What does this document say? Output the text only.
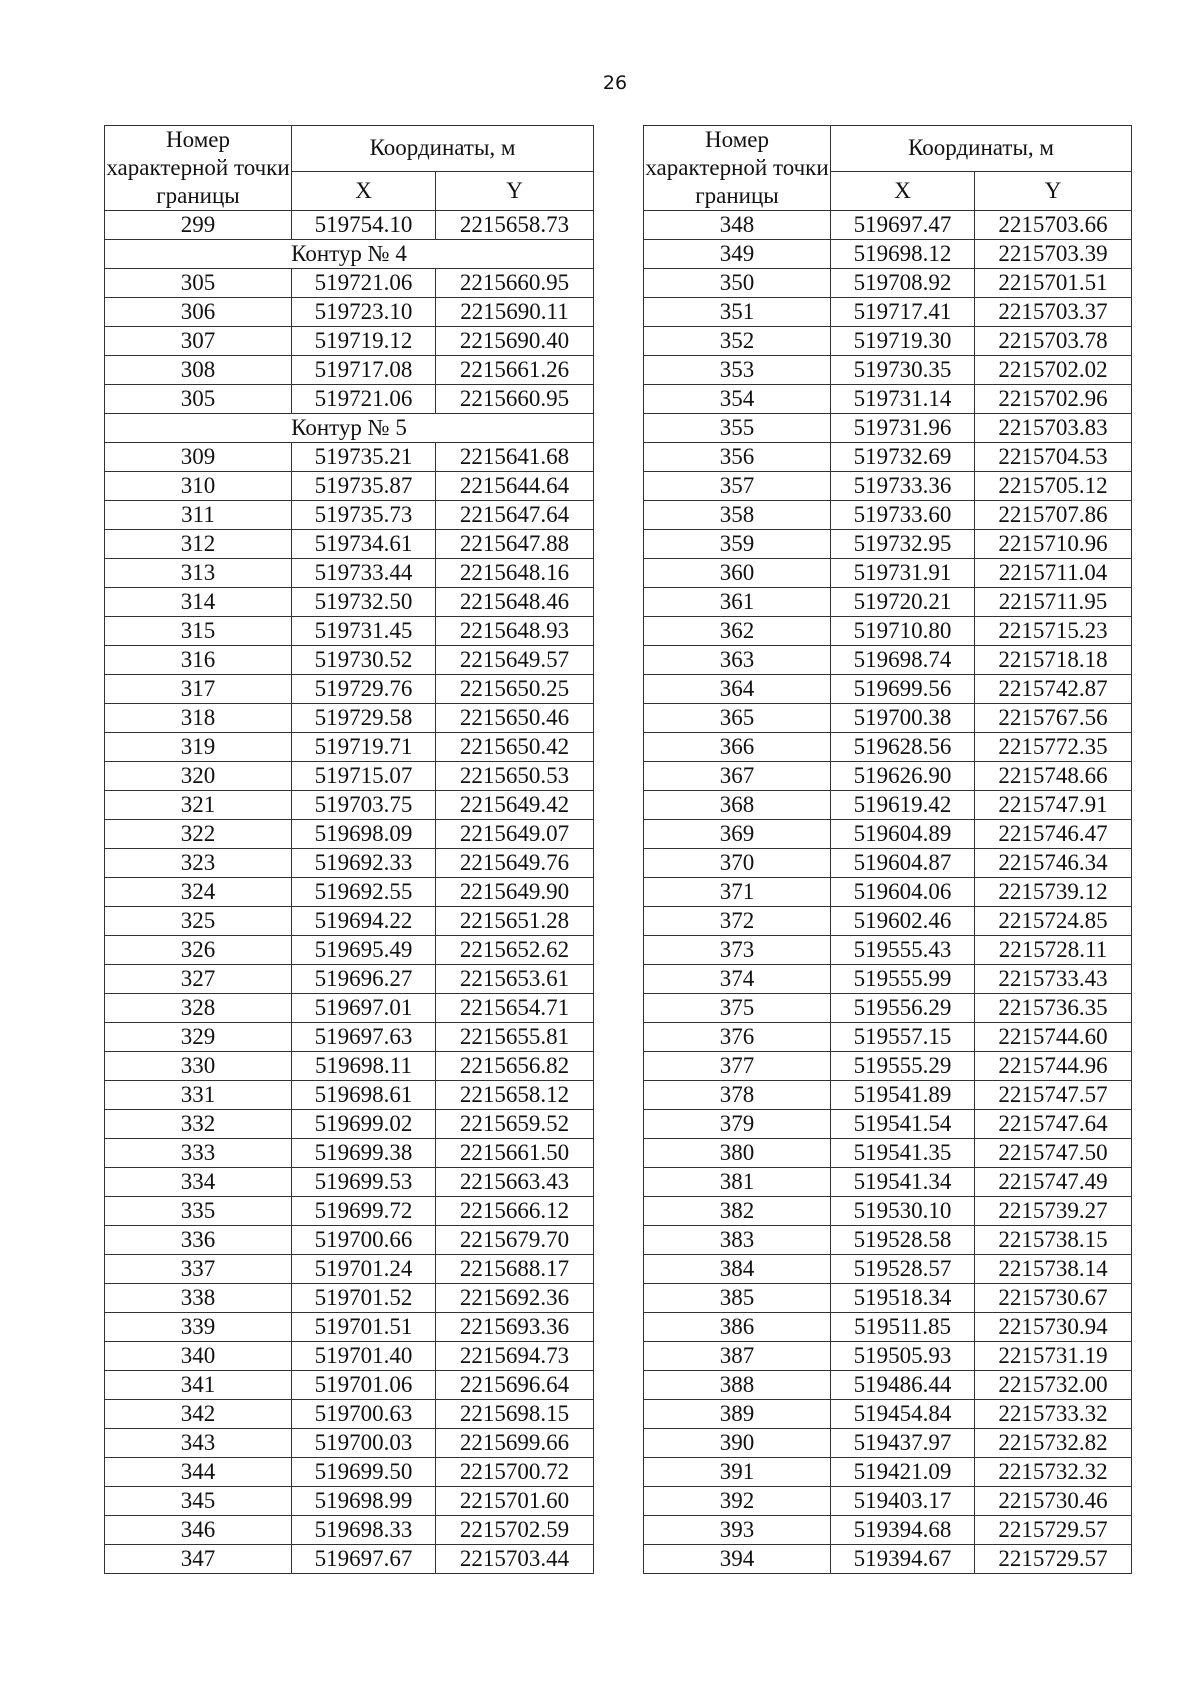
26
Номер характерной точки границы	Координаты, м	
	X	Y
299	519754.10	2215658.73
Контур № 4		
305	519721.06	2215660.95
306	519723.10	2215690.11
307	519719.12	2215690.40
308	519717.08	2215661.26
305	519721.06	2215660.95
Контур № 5		
309	519735.21	2215641.68
310	519735.87	2215644.64
311	519735.73	2215647.64
312	519734.61	2215647.88
313	519733.44	2215648.16
314	519732.50	2215648.46
315	519731.45	2215648.93
316	519730.52	2215649.57
317	519729.76	2215650.25
318	519729.58	2215650.46
319	519719.71	2215650.42
320	519715.07	2215650.53
321	519703.75	2215649.42
322	519698.09	2215649.07
323	519692.33	2215649.76
324	519692.55	2215649.90
325	519694.22	2215651.28
326	519695.49	2215652.62
327	519696.27	2215653.61
328	519697.01	2215654.71
329	519697.63	2215655.81
330	519698.11	2215656.82
331	519698.61	2215658.12
332	519699.02	2215659.52
333	519699.38	2215661.50
334	519699.53	2215663.43
335	519699.72	2215666.12
336	519700.66	2215679.70
337	519701.24	2215688.17
338	519701.52	2215692.36
339	519701.51	2215693.36
340	519701.40	2215694.73
341	519701.06	2215696.64
342	519700.63	2215698.15
343	519700.03	2215699.66
344	519699.50	2215700.72
345	519698.99	2215701.60
346	519698.33	2215702.59
347	519697.67	2215703.44
Номер характерной точки границы	Координаты, м	
	X	Y
348	519697.47	2215703.66
349	519698.12	2215703.39
350	519708.92	2215701.51
351	519717.41	2215703.37
352	519719.30	2215703.78
353	519730.35	2215702.02
354	519731.14	2215702.96
355	519731.96	2215703.83
356	519732.69	2215704.53
357	519733.36	2215705.12
358	519733.60	2215707.86
359	519732.95	2215710.96
360	519731.91	2215711.04
361	519720.21	2215711.95
362	519710.80	2215715.23
363	519698.74	2215718.18
364	519699.56	2215742.87
365	519700.38	2215767.56
366	519628.56	2215772.35
367	519626.90	2215748.66
368	519619.42	2215747.91
369	519604.89	2215746.47
370	519604.87	2215746.34
371	519604.06	2215739.12
372	519602.46	2215724.85
373	519555.43	2215728.11
374	519555.99	2215733.43
375	519556.29	2215736.35
376	519557.15	2215744.60
377	519555.29	2215744.96
378	519541.89	2215747.57
379	519541.54	2215747.64
380	519541.35	2215747.50
381	519541.34	2215747.49
382	519530.10	2215739.27
383	519528.58	2215738.15
384	519528.57	2215738.14
385	519518.34	2215730.67
386	519511.85	2215730.94
387	519505.93	2215731.19
388	519486.44	2215732.00
389	519454.84	2215733.32
390	519437.97	2215732.82
391	519421.09	2215732.32
392	519403.17	2215730.46
393	519394.68	2215729.57
394	519394.67	2215729.57
